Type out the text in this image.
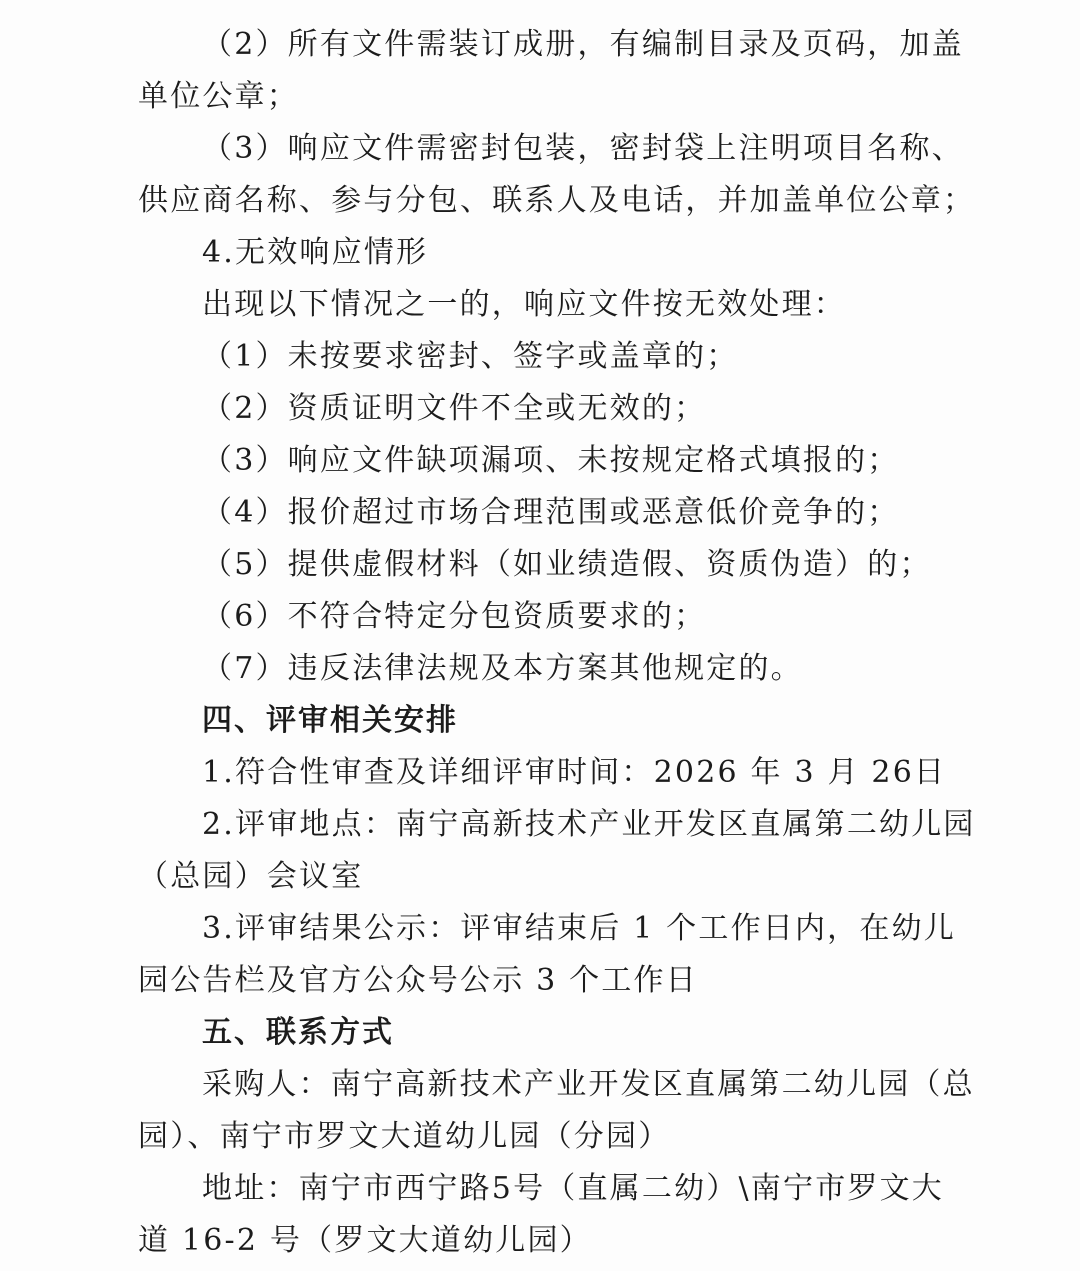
（2）所有文件需装订成册，有编制目录及页码，加盖
单位公章；
（3）响应文件需密封包装，密封袋上注明项目名称、
供应商名称、参与分包、联系人及电话，并加盖单位公章；
4.无效响应情形
出现以下情况之一的，响应文件按无效处理：
（1）未按要求密封、签字或盖章的；
（2）资质证明文件不全或无效的；
（3）响应文件缺项漏项、未按规定格式填报的；
（4）报价超过市场合理范围或恶意低价竞争的；
（5）提供虚假材料（如业绩造假、资质伪造）的；
（6）不符合特定分包资质要求的；
（7）违反法律法规及本方案其他规定的。
四、评审相关安排
1.符合性审查及详细评审时间：2026 年 3 月 26日
2.评审地点：南宁高新技术产业开发区直属第二幼儿园
（总园）会议室
3.评审结果公示：评审结束后 1 个工作日内，在幼儿
园公告栏及官方公众号公示 3 个工作日
五、联系方式
采购人：南宁高新技术产业开发区直属第二幼儿园（总
园）、南宁市罗文大道幼儿园（分园）
地址：南宁市西宁路5号（直属二幼）\南宁市罗文大
道 16-2 号（罗文大道幼儿园）
